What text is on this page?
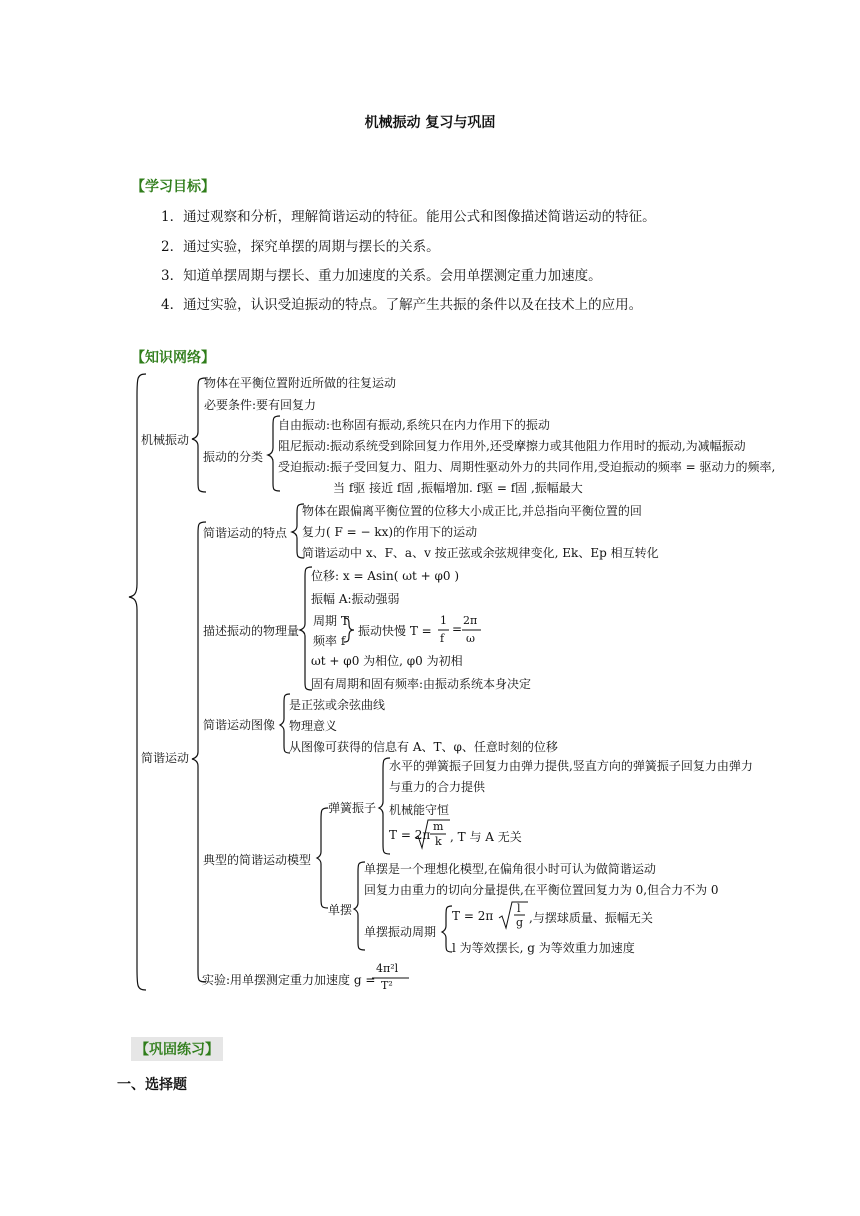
机械振动 复习与巩固
【学习目标】
1．通过观察和分析，理解简谐运动的特征。能用公式和图像描述简谐运动的特征。
2．通过实验，探究单摆的周期与摆长的关系。
3．知道单摆周期与摆长、重力加速度的关系。会用单摆测定重力加速度。
4．通过实验，认识受迫振动的特点。了解产生共振的条件以及在技术上的应用。
【知识网络】
机械振动
物体在平衡位置附近所做的往复运动
必要条件:要有回复力
振动的分类
自由振动:也称固有振动,系统只在内力作用下的振动
阻尼振动:振动系统受到除回复力作用外,还受摩擦力或其他阻力作用时的振动,为减幅振动
受迫振动:振子受回复力、阻力、周期性驱动外力的共同作用,受迫振动的频率 = 驱动力的频率,
当 f驱 接近 f固 ,振幅增加. f驱 = f固 ,振幅最大
简谐运动
简谐运动的特点
物体在跟偏离平衡位置的位移大小成正比,并总指向平衡位置的回
复力( F = − kx)的作用下的运动
简谐运动中 x、F、a、v 按正弦或余弦规律变化, Ek、Ep 相互转化
描述振动的物理量
位移: x = Asin( ωt + φ0 )
振幅 A:振动强弱
周期 T
频率 f
振动快慢 T =
1
f
=
2π
ω
ωt + φ0 为相位, φ0 为初相
固有周期和固有频率:由振动系统本身决定
简谐运动图像
是正弦或余弦曲线
物理意义
从图像可获得的信息有 A、T、φ、任意时刻的位移
典型的简谐运动模型
弹簧振子
水平的弹簧振子回复力由弹力提供,竖直方向的弹簧振子回复力由弹力
与重力的合力提供
机械能守恒
T = 2π
m
k , T 与 A 无关
单摆
单摆是一个理想化模型,在偏角很小时可认为做简谐运动
回复力由重力的切向分量提供,在平衡位置回复力为 0,但合力不为 0
单摆振动周期
T = 2π
l
g ,与摆球质量、振幅无关
l 为等效摆长, g 为等效重力加速度
实验:用单摆测定重力加速度 g =
4π²l
T²
【巩固练习】
一、选择题
